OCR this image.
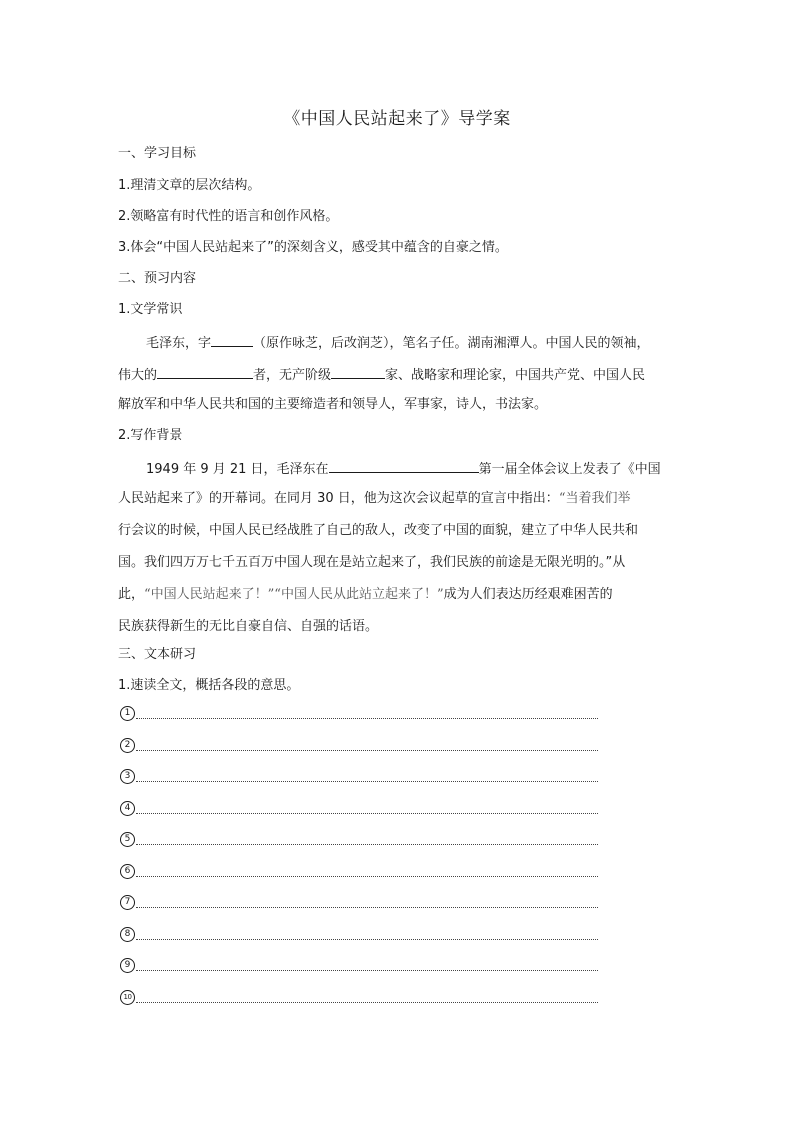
《中国人民站起来了》导学案
一、学习目标
1.理清文章的层次结构。
2.领略富有时代性的语言和创作风格。
3.体会“中国人民站起来了”的深刻含义，感受其中蕴含的自豪之情。
二、预习内容
1.文学常识
毛泽东，字	（原作咏芝，后改润芝），笔名子任。湖南湘潭人。中国人民的领袖，
伟大的	者，无产阶级	家、战略家和理论家，中国共产党、中国人民
解放军和中华人民共和国的主要缔造者和领导人，军事家，诗人，书法家。
2.写作背景
1949 年 9 月 21 日，毛泽东在	第一届全体会议上发表了《中国
人民站起来了》的开幕词。在同月 30 日，他为这次会议起草的宣言中指出：“当着我们举
行会议的时候，中国人民已经战胜了自己的敌人，改变了中国的面貌，建立了中华人民共和
国。我们四万万七千五百万中国人现在是站立起来了，我们民族的前途是无限光明的。”从
此，“中国人民站起来了！”“中国人民从此站立起来了！”成为人们表达历经艰难困苦的
民族获得新生的无比自豪自信、自强的话语。
三、文本研习
1.速读全文，概括各段的意思。
1
2
3
4
5
6
7
8
9
10
